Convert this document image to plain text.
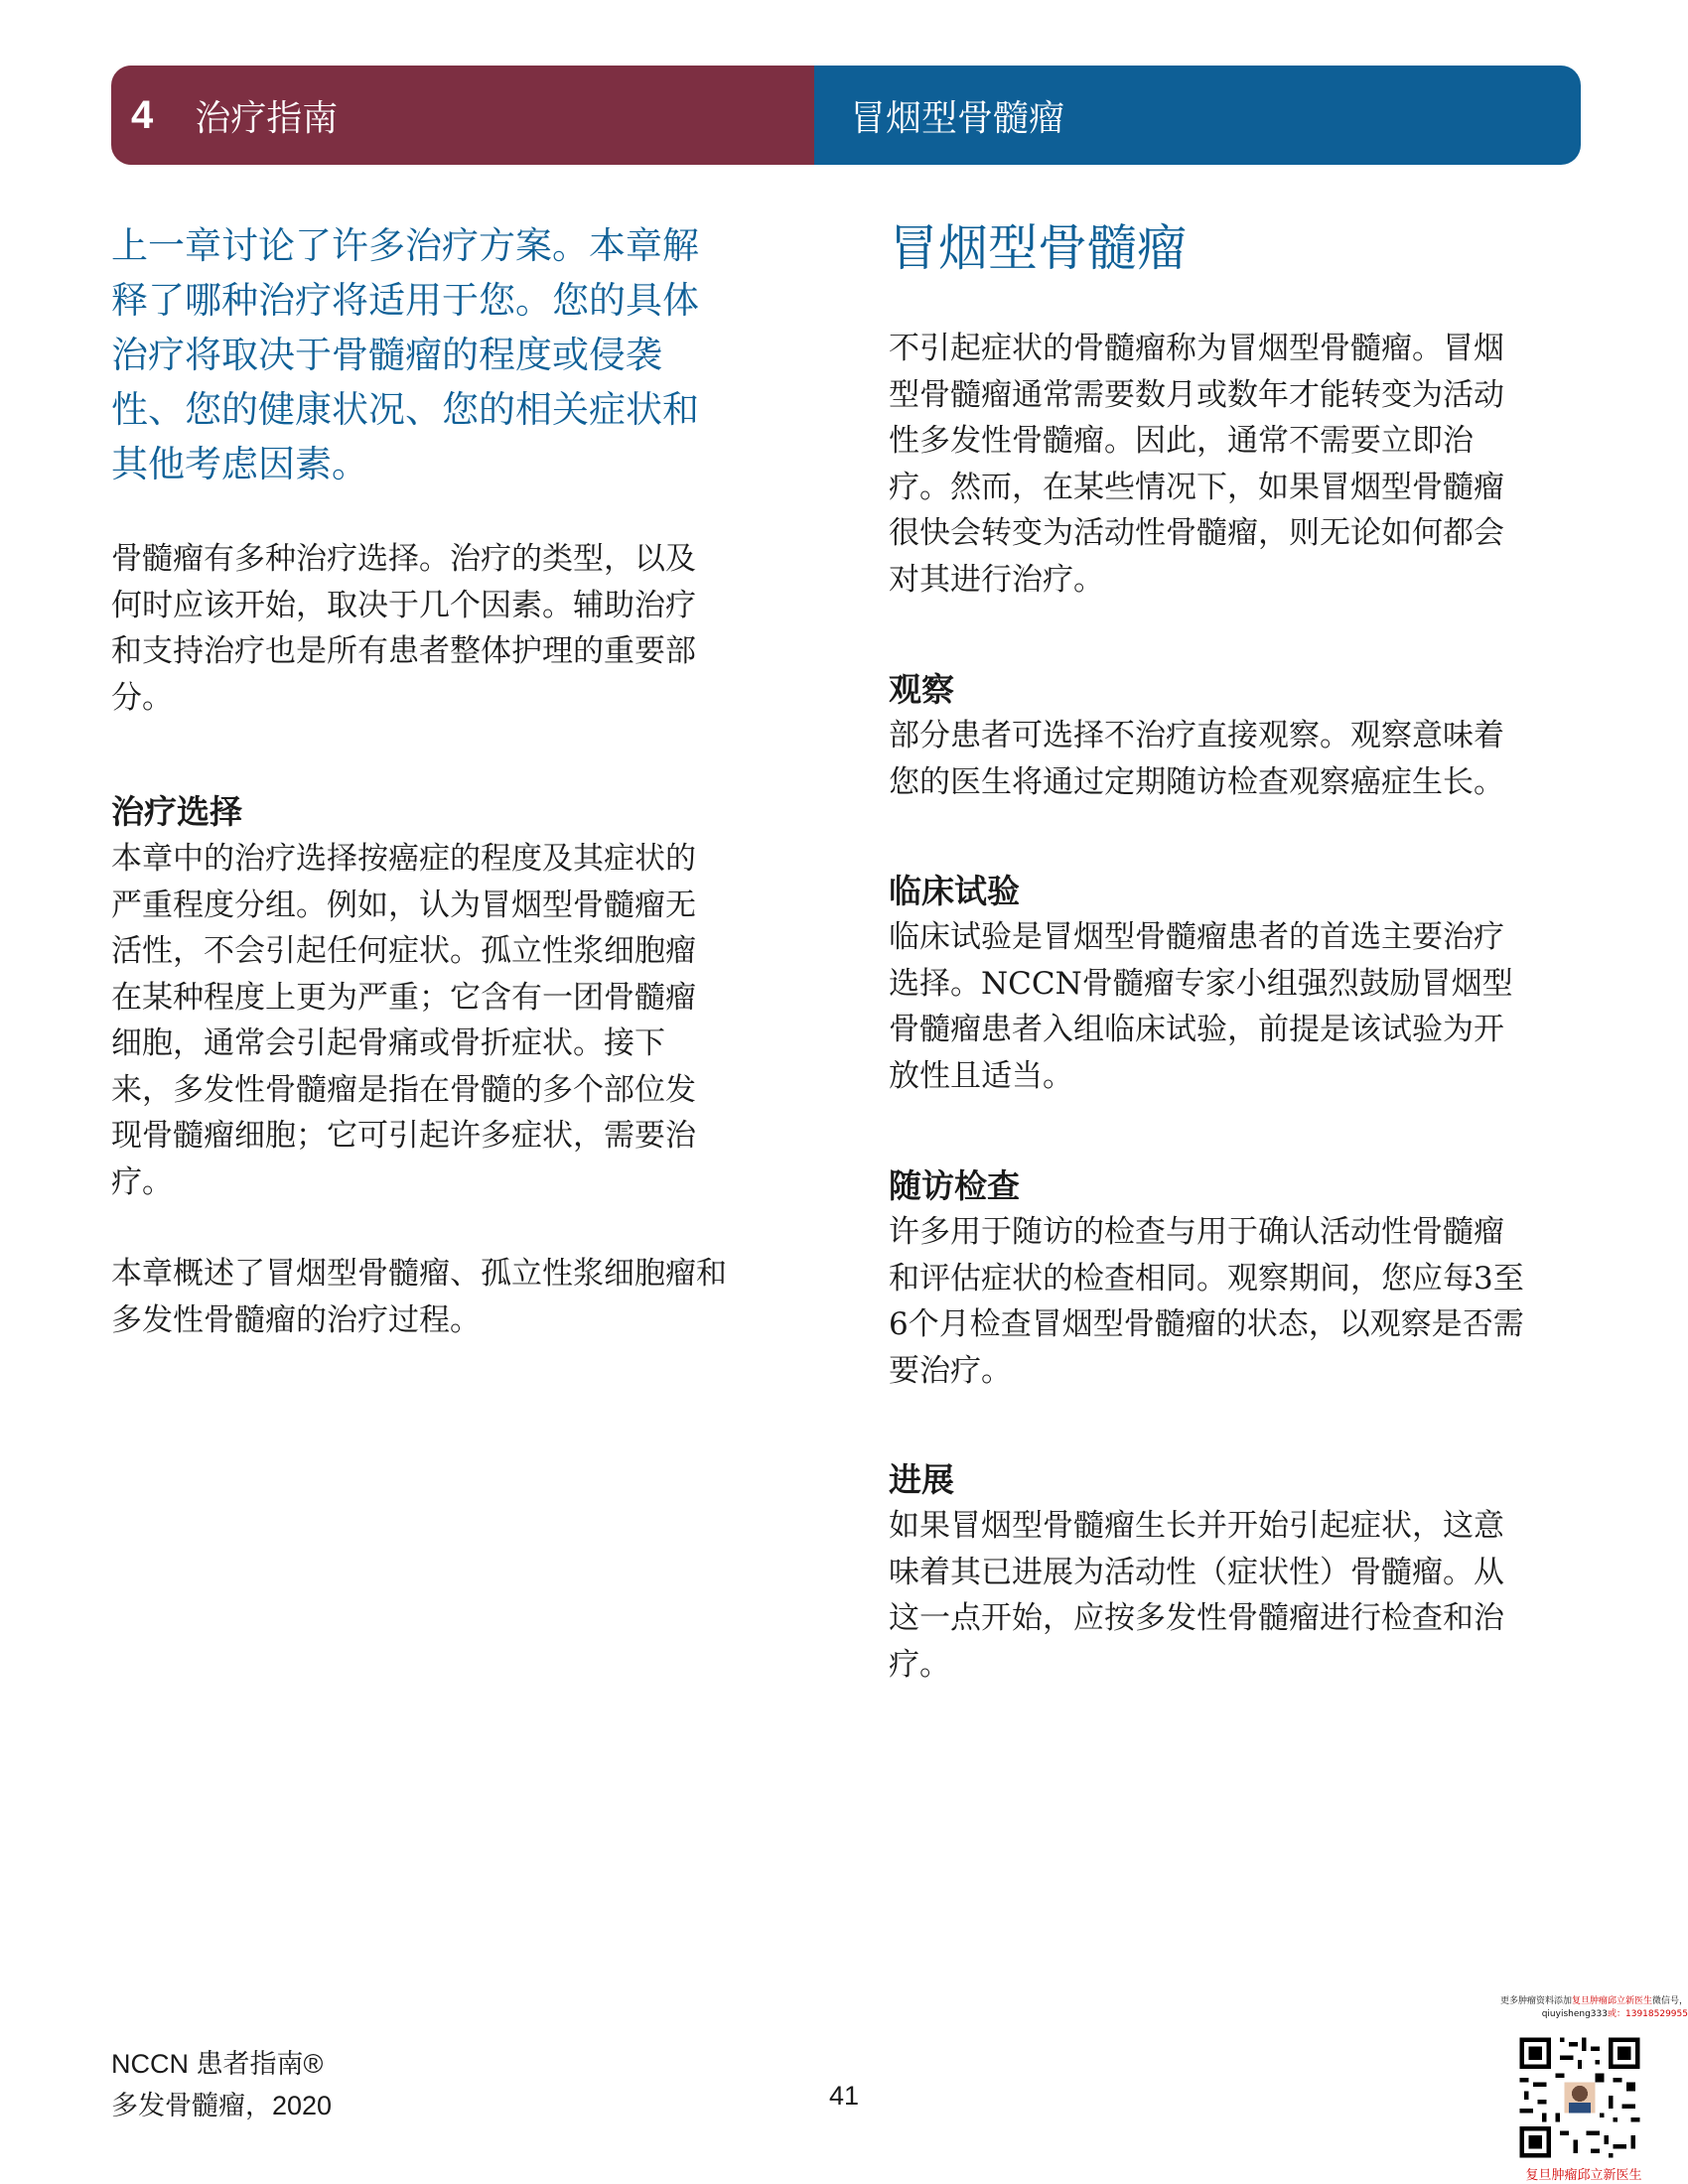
4 治疗指南	冒烟型骨髓瘤

上一章讨论了许多治疗方案。本章解
释了哪种治疗将适用于您。您的具体
治疗将取决于骨髓瘤的程度或侵袭
性、您的健康状况、您的相关症状和
其他考虑因素。

骨髓瘤有多种治疗选择。治疗的类型，以及
何时应该开始，取决于几个因素。辅助治疗
和支持治疗也是所有患者整体护理的重要部
分。

治疗选择

本章中的治疗选择按癌症的程度及其症状的
严重程度分组。例如，认为冒烟型骨髓瘤无
活性，不会引起任何症状。孤立性浆细胞瘤
在某种程度上更为严重；它含有一团骨髓瘤
细胞，通常会引起骨痛或骨折症状。接下
来，多发性骨髓瘤是指在骨髓的多个部位发
现骨髓瘤细胞；它可引起许多症状，需要治
疗。

本章概述了冒烟型骨髓瘤、孤立性浆细胞瘤和
多发性骨髓瘤的治疗过程。

冒烟型骨髓瘤

不引起症状的骨髓瘤称为冒烟型骨髓瘤。冒烟
型骨髓瘤通常需要数月或数年才能转变为活动
性多发性骨髓瘤。因此，通常不需要立即治
疗。然而，在某些情况下，如果冒烟型骨髓瘤
很快会转变为活动性骨髓瘤，则无论如何都会
对其进行治疗。

观察

部分患者可选择不治疗直接观察。观察意味着
您的医生将通过定期随访检查观察癌症生长。

临床试验

临床试验是冒烟型骨髓瘤患者的首选主要治疗
选择。NCCN骨髓瘤专家小组强烈鼓励冒烟型
骨髓瘤患者入组临床试验，前提是该试验为开
放性且适当。

随访检查

许多用于随访的检查与用于确认活动性骨髓瘤
和评估症状的检查相同。观察期间，您应每3至
6个月检查冒烟型骨髓瘤的状态，以观察是否需
要治疗。

进展

如果冒烟型骨髓瘤生长并开始引起症状，这意
味着其已进展为活动性（症状性）骨髓瘤。从
这一点开始，应按多发性骨髓瘤进行检查和治
疗。

NCCN 患者指南®
多发骨髓瘤，2020	41
更多肿瘤资料添加复旦肿瘤邱立新医生微信号，
qiuyisheng333或：13918529955
复旦肿瘤邱立新医生
